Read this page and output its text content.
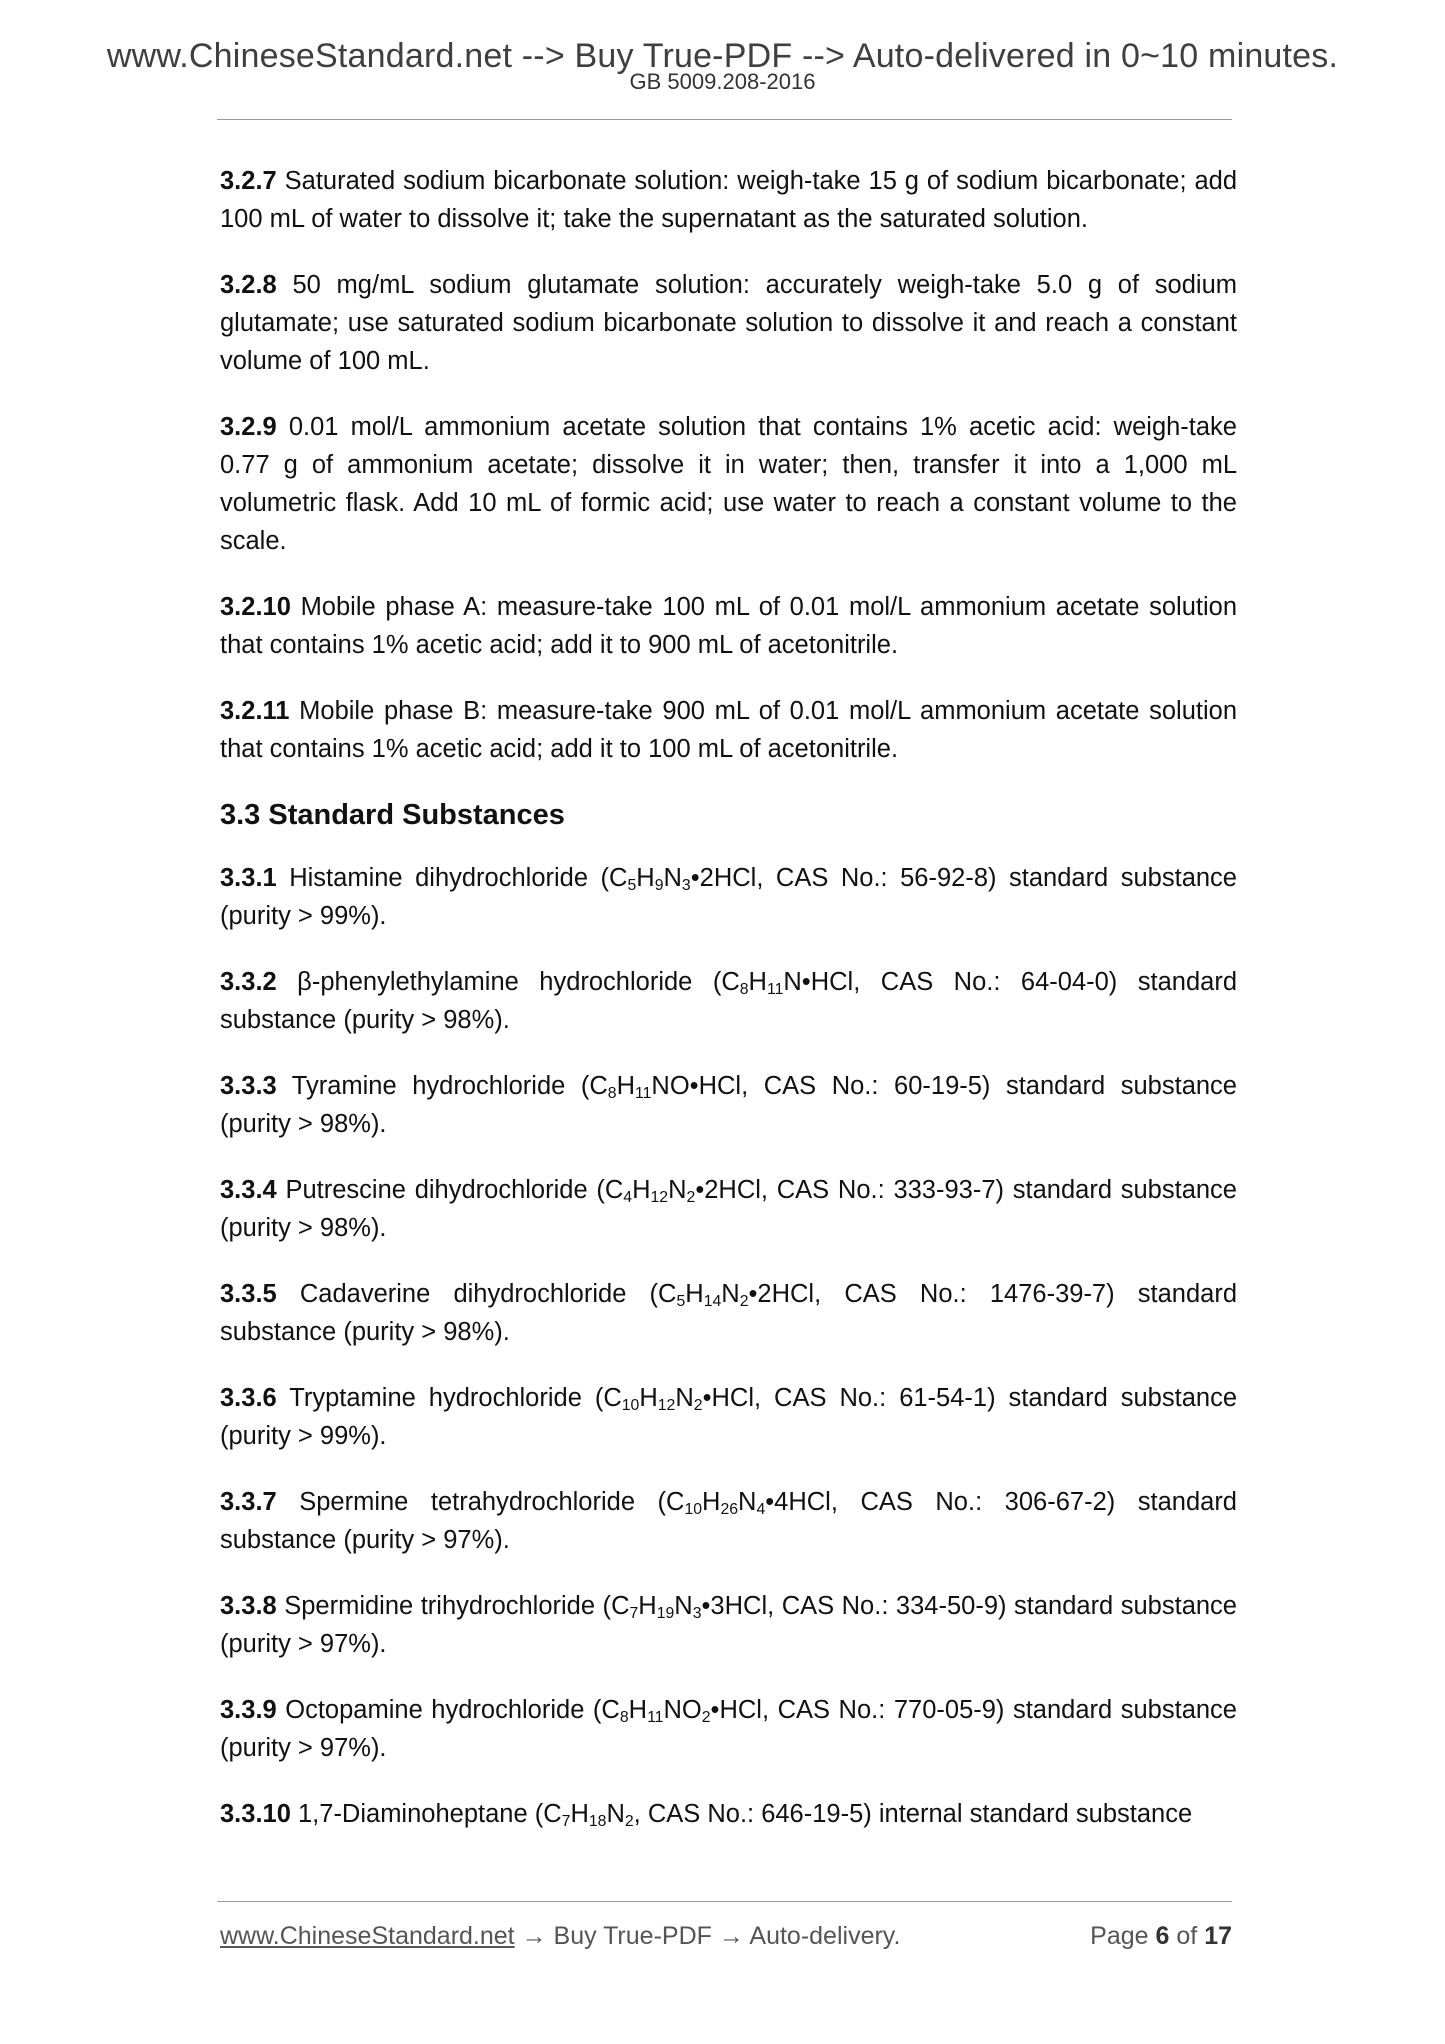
www.ChineseStandard.net --> Buy True-PDF --> Auto-delivered in 0~10 minutes.
GB 5009.208-2016

3.2.7 Saturated sodium bicarbonate solution: weigh-take 15 g of sodium bicarbonate; add 100 mL of water to dissolve it; take the supernatant as the saturated solution.

3.2.8 50 mg/mL sodium glutamate solution: accurately weigh-take 5.0 g of sodium glutamate; use saturated sodium bicarbonate solution to dissolve it and reach a constant volume of 100 mL.

3.2.9 0.01 mol/L ammonium acetate solution that contains 1% acetic acid: weigh-take 0.77 g of ammonium acetate; dissolve it in water; then, transfer it into a 1,000 mL volumetric flask. Add 10 mL of formic acid; use water to reach a constant volume to the scale.

3.2.10 Mobile phase A: measure-take 100 mL of 0.01 mol/L ammonium acetate solution that contains 1% acetic acid; add it to 900 mL of acetonitrile.

3.2.11 Mobile phase B: measure-take 900 mL of 0.01 mol/L ammonium acetate solution that contains 1% acetic acid; add it to 100 mL of acetonitrile.

3.3 Standard Substances

3.3.1 Histamine dihydrochloride ($C_5H_9N_3•2HCl$, CAS No.: 56-92-8) standard substance (purity > 99%).

3.3.2 β-phenylethylamine hydrochloride ($C_8H_{11}N•HCl$, CAS No.: 64-04-0) standard substance (purity > 98%).

3.3.3 Tyramine hydrochloride ($C_8H_{11}NO•HCl$, CAS No.: 60-19-5) standard substance (purity > 98%).

3.3.4 Putrescine dihydrochloride ($C_4H_{12}N_2•2HCl$, CAS No.: 333-93-7) standard substance (purity > 98%).

3.3.5 Cadaverine dihydrochloride ($C_5H_{14}N_2•2HCl$, CAS No.: 1476-39-7) standard substance (purity > 98%).

3.3.6 Tryptamine hydrochloride ($C_{10}H_{12}N_2•HCl$, CAS No.: 61-54-1) standard substance (purity > 99%).

3.3.7 Spermine tetrahydrochloride ($C_{10}H_{26}N_4•4HCl$, CAS No.: 306-67-2) standard substance (purity > 97%).

3.3.8 Spermidine trihydrochloride ($C_7H_{19}N_3•3HCl$, CAS No.: 334-50-9) standard substance (purity > 97%).

3.3.9 Octopamine hydrochloride ($C_8H_{11}NO_2•HCl$, CAS No.: 770-05-9) standard substance (purity > 97%).

3.3.10 1,7-Diaminoheptane ($C_7H_{18}N_2$, CAS No.: 646-19-5) internal standard substance

www.ChineseStandard.net → Buy True-PDF → Auto-delivery.	Page 6 of 17
